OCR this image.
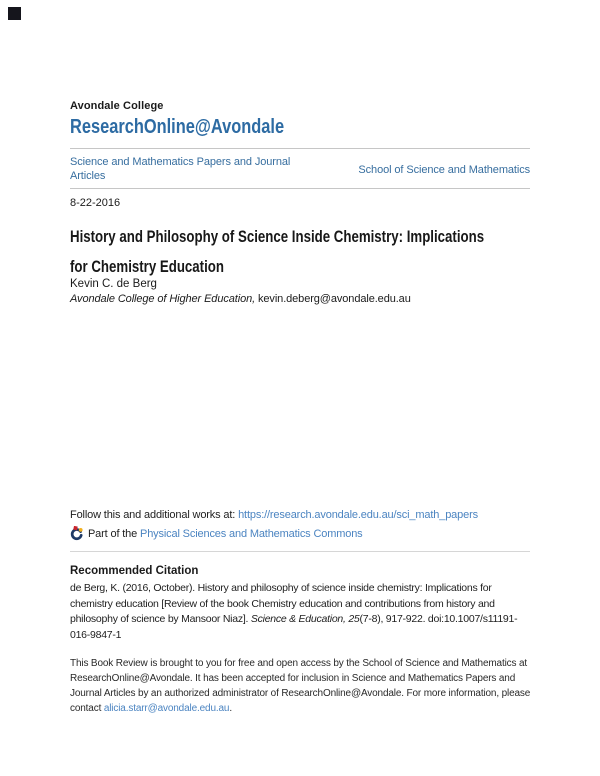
Avondale College
ResearchOnline@Avondale
Science and Mathematics Papers and Journal Articles	School of Science and Mathematics
8-22-2016
History and Philosophy of Science Inside Chemistry: Implications
for Chemistry Education
Kevin C. de Berg
Avondale College of Higher Education, kevin.deberg@avondale.edu.au
Follow this and additional works at: https://research.avondale.edu.au/sci_math_papers
Part of the Physical Sciences and Mathematics Commons
Recommended Citation
de Berg, K. (2016, October). History and philosophy of science inside chemistry: Implications for chemistry education [Review of the book Chemistry education and contributions from history and philosophy of science by Mansoor Niaz]. Science & Education, 25(7-8), 917-922. doi:10.1007/s11191-016-9847-1
This Book Review is brought to you for free and open access by the School of Science and Mathematics at ResearchOnline@Avondale. It has been accepted for inclusion in Science and Mathematics Papers and Journal Articles by an authorized administrator of ResearchOnline@Avondale. For more information, please contact alicia.starr@avondale.edu.au.
